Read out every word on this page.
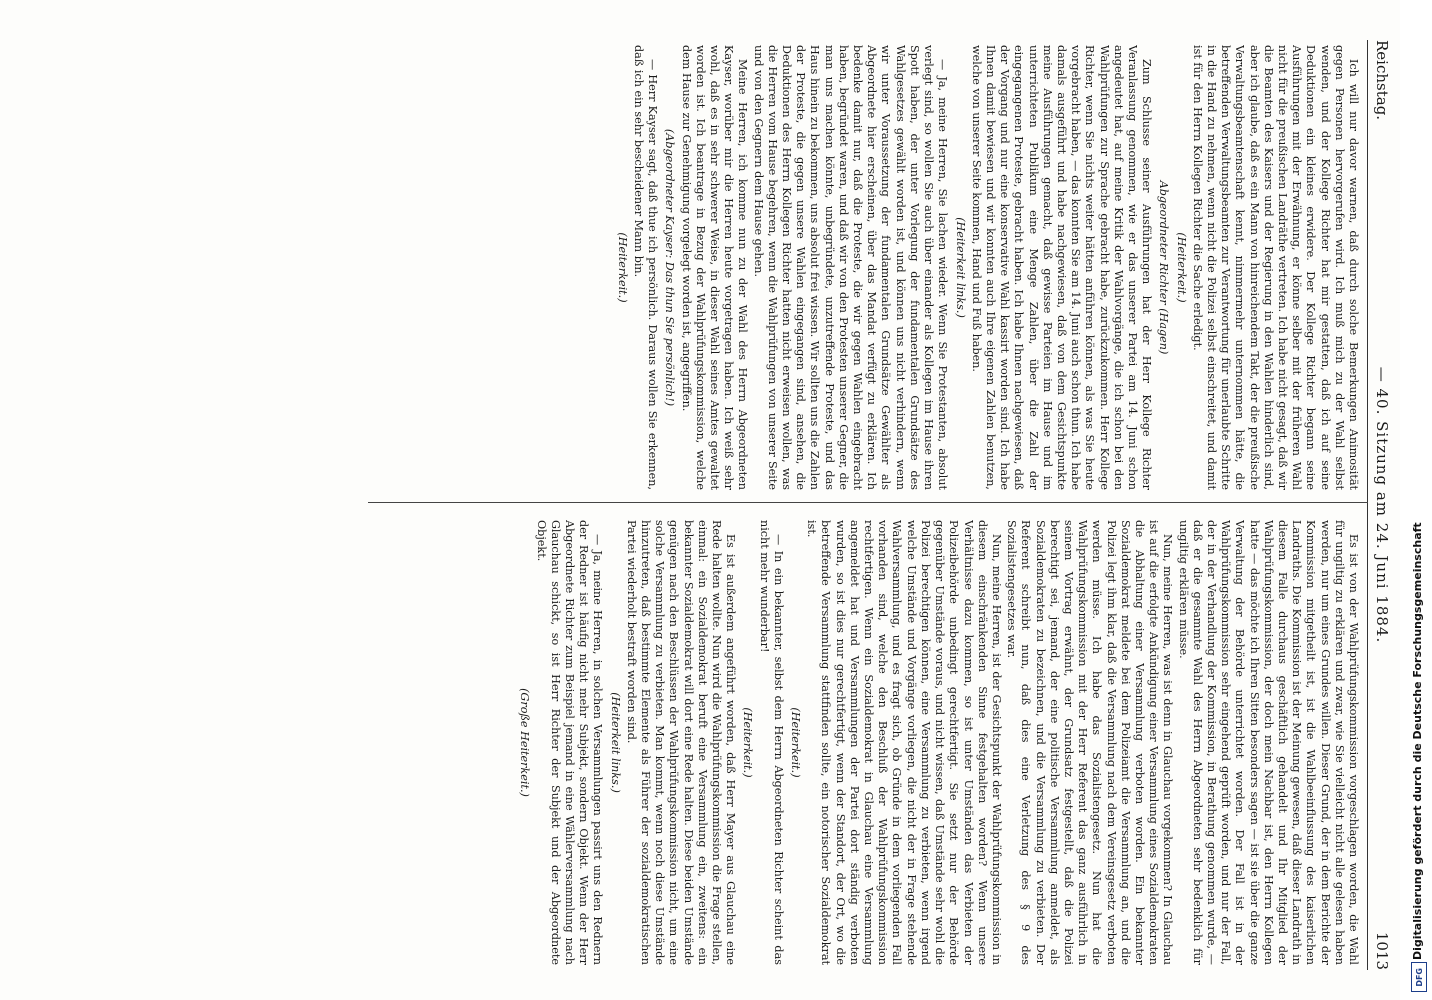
Reichstag.
— 40. Sitzung am 24. Juni 1884.
1013

Ich will nur davor warnen, daß durch solche Bemerkungen Animosität gegen Personen hervorgerufen wird. Ich muß mich zu der Wahl selbst wenden, und der Kollege Richter hat mir gestatten, daß ich auf seine Deduktionen ein kleines erwidere. Der Kollege Richter begann seine Ausführungen mit der Erwähnung, er könne selber mit der früheren Wahl nicht für die preußischen Landräthe vertreten. Ich habe nicht gesagt, daß wir die Beamten des Kaisers und der Regierung in den Wahlen hinderlich sind, aber ich glaube, daß es ein Mann von hinreichendem Takt, der die preußische Verwaltungsbeamtenschaft kennt, nimmermehr unternommen hätte, die betreffenden Verwaltungsbeamten zur Verantwortung für unerlaubte Schritte in die Hand zu nehmen, wenn nicht die Polizei selbst einschreitet, und damit ist für den Herrn Kollegen Richter die Sache erledigt.

(Heiterkeit.)

Abgeordneter Richter (Hagen)

Zum Schlusse seiner Ausführungen hat der Herr Kollege Richter Veranlassung genommen, wie er das unserer Partei am 14. Juni schon angedeutet hat, auf meine Kritik der Wahlvorgänge, die ich schon bei den Wahlprüfungen zur Sprache gebracht habe, zurückzukommen. Herr Kollege Richter, wenn Sie nichts weiter hätten anführen können, als was Sie heute vorgebracht haben, — das konnten Sie am 14. Juni auch schon thun. Ich habe damals ausgeführt und habe nachgewiesen, daß von dem Gesichtspunkte meine Ausführungen gemacht, daß gewisse Parteien im Hause und im unterrichteten Publikum eine Menge Zahlen, über die Zahl der eingegangenen Proteste, gebracht haben. Ich habe Ihnen nachgewiesen, daß der Vorgang und nur eine konservative Wahl kassirt worden sind. Ich habe Ihnen damit bewiesen und wir konnten auch Ihre eigenen Zahlen benutzen, welche von unserer Seite kommen, Hand und Fuß haben.

(Heiterkeit links.)

— Ja, meine Herren, Sie lachen wieder. Wenn Sie Protestanten, absolut verlegt sind, so wollen Sie auch über einander als Kollegen im Hause ihren Spott haben, der unter Vorlegung der fundamentalen Grundsätze des Wahlgesetzes gewählt worden ist, und können uns nicht verhindern, wenn wir unter Voraussetzung der fundamentalen Grundsätze Gewählter als Abgeordnete hier erscheinen, über das Mandat verfügt zu erklären. Ich bedenke damit nur, daß die Proteste, die wir gegen Wahlen eingebracht haben, begründet waren, und daß wir von den Protesten unserer Gegner, die man uns machen könnte, unbegründete, unzutreffende Proteste, und das Haus hinein zu bekommen, uns absolut frei wissen. Wir sollten uns die Zahlen der Proteste, die gegen unsere Wahlen eingegangen sind, ansehen, die Deduktionen des Herrn Kollegen Richter hatten nicht erweisen wollen, was die Herren vom Hause begehren, wenn die Wahlprüfungen von unserer Seite und von den Gegnern dem Hause gehen.

Meine Herren, ich komme nun zu der Wahl des Herrn Abgeordneten Kayser, worüber mir die Herren heute vorgetragen haben. Ich weiß sehr wohl, daß es in sehr schwerer Weise, in dieser Wahl seines Amtes gewaltet worden ist. Ich beantrage in Bezug der Wahlprüfungskommission, welche dem Hause zur Genehmigung vorgelegt worden ist, angegriffen.

(Abgeordneter Kayser: Das thun Sie persönlich!)

— Herr Kayser sagt, daß thue ich persönlich. Daraus wollen Sie erkennen, daß ich ein sehr bescheidener Mann bin.

(Heiterkeit.)

Es ist von der Wahlprüfungskommission vorgeschlagen worden, die Wahl für ungiltig zu erklären und zwar, wie Sie vielleicht nicht alle gelesen haben werden, nur um eines Grundes willen. Dieser Grund, der in dem Berichte der Kommission mitgetheilt ist, ist die Wahlbeeinflussung des kaiserlichen Landraths. Die Kommission ist der Meinung gewesen, daß dieser Landrath in diesem Falle durchaus geschäftlich gehandelt und Ihr Mitglied der Wahlprüfungskommission, der doch mein Nachbar ist, den Herrn Kollegen hatte — das möchte ich Ihren Sitten besonders sagen — ist sie über die ganze Verwaltung der Behörde unterrichtet worden. Der Fall ist in der Wahlprüfungskommission sehr eingehend geprüft worden, und nur der Fall, der in der Verhandlung der Kommission, in Berathung genommen wurde, — daß er die gesammte Wahl des Herrn Abgeordneten sehr bedenklich für ungiltig erklären müsse.

Nun, meine Herren, was ist denn in Glauchau vorgekommen? In Glauchau ist auf die erfolgte Ankündigung einer Versammlung eines Sozialdemokraten die Abhaltung einer Versammlung verboten worden. Ein bekannter Sozialdemokrat meldete bei dem Polizeiamt die Versammlung an, und die Polizei legt ihm klar, daß die Versammlung nach dem Vereinsgesetz verboten werden müsse. Ich habe das Sozialistengesetz. Nun hat die Wahlprüfungskommission mit der Herr Referent das ganz ausführlich in seinem Vortrag erwähnt, der Grundsatz festgestellt, daß die Polizei berechtigt sei, jemand, der eine politische Versammlung anmeldet, als Sozialdemokraten zu bezeichnen, und die Versammlung zu verbieten. Der Referent schreibt nun, daß dies eine Verletzung des § 9 des Sozialistengesetzes war.

Nun, meine Herren, ist der Gesichtspunkt der Wahlprüfungskommission in diesem einschränkenden Sinne festgehalten worden? Wenn unsere Verhältnisse dazu kommen, so ist unter Umständen das Verbieten der Polizeibehörde unbedingt gerechtfertigt. Sie setzt nur der Behörde gegenüber Umstände voraus, und nicht wissen, daß Umstände sehr wohl die Polizei berechtigen können, eine Versammlung zu verbieten, wenn irgend welche Umstände und Vorgänge vorliegen, die nicht der in Frage stehende Wahlversammlung, und es fragt sich, ob Gründe in dem vorliegenden Fall vorhanden sind, welche den Beschluß der Wahlprüfungskommission rechtfertigen. Wenn ein Sozialdemokrat in Glauchau eine Versammlung angemeldet hat und Versammlungen der Partei dort ständig verboten wurden, so ist dies nur gerechtfertigt, wenn der Standort, der Ort, wo die betreffende Versammlung stattfinden sollte, ein notorischer Sozialdemokrat ist.

(Heiterkeit.)

— In ein bekannter, selbst dem Herrn Abgeordneten Richter scheint das nicht mehr wunderbar!

(Heiterkeit.)

Es ist außerdem angeführt worden, daß Herr Mayer aus Glauchau eine Rede halten wollte. Nun wird die Wahlprüfungskommission die Frage stellen, einmal: ein Sozialdemokrat beruft eine Versammlung ein, zweitens: ein bekannter Sozialdemokrat will dort eine Rede halten. Diese beiden Umstände genügen nach den Beschlüssen der Wahlprüfungskommission nicht, um eine solche Versammlung zu verbieten. Man kommt, wenn noch diese Umstände hinzutreten, daß bestimmte Elemente als Führer der sozialdemokratischen Partei wiederholt bestraft worden sind.

(Heiterkeit links.)

— Ja, meine Herren, in solchen Versammlungen passirt uns den Rednern der Redner ist häufig nicht mehr Subjekt, sondern Objekt. Wenn der Herr Abgeordnete Richter zum Beispiel jemand in eine Wählerversammlung nach Glauchau schickt, so ist Herr Richter der Subjekt und der Abgeordnete Objekt.

(Große Heiterkeit.)	Digitalisierung gefördert durch die Deutsche Forschungsgemeinschaft
DFG
